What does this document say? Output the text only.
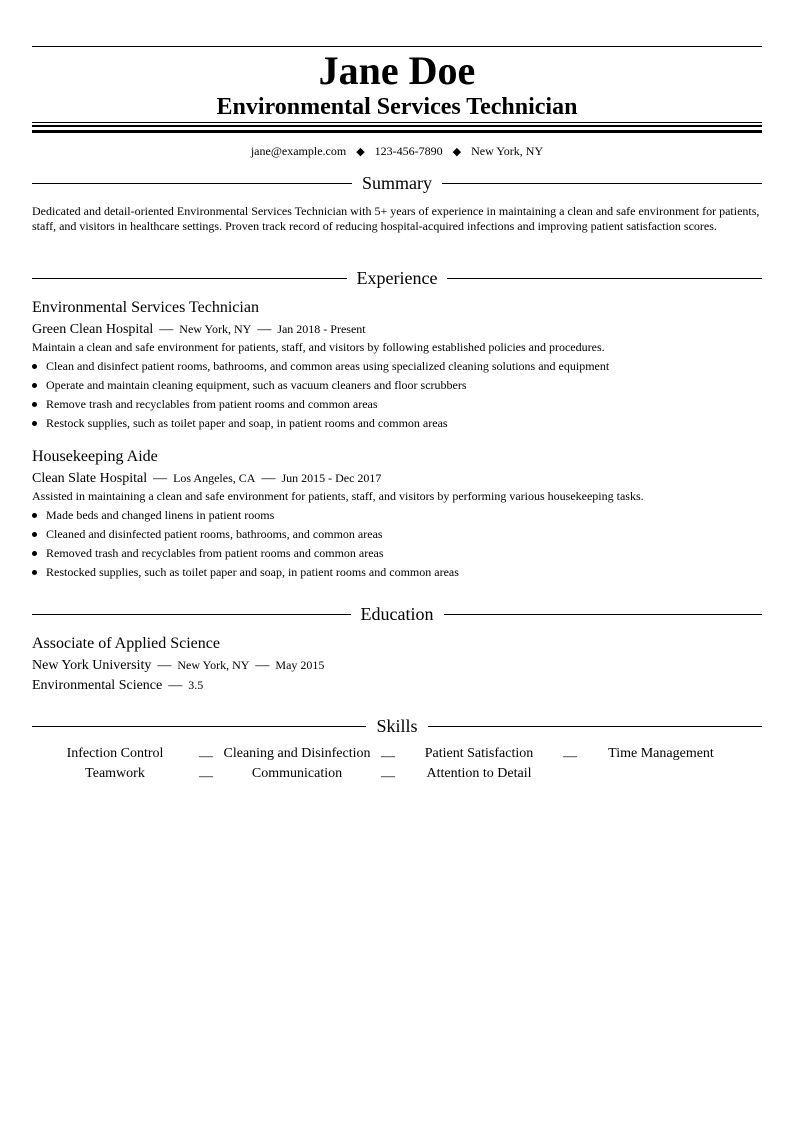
Jane Doe
Environmental Services Technician
jane@example.com ◆ 123-456-7890 ◆ New York, NY
Summary
Dedicated and detail-oriented Environmental Services Technician with 5+ years of experience in maintaining a clean and safe environment for patients, staff, and visitors in healthcare settings. Proven track record of reducing hospital-acquired infections and improving patient satisfaction scores.
Experience
Environmental Services Technician
Green Clean Hospital — New York, NY — Jan 2018 - Present
Maintain a clean and safe environment for patients, staff, and visitors by following established policies and procedures.
Clean and disinfect patient rooms, bathrooms, and common areas using specialized cleaning solutions and equipment
Operate and maintain cleaning equipment, such as vacuum cleaners and floor scrubbers
Remove trash and recyclables from patient rooms and common areas
Restock supplies, such as toilet paper and soap, in patient rooms and common areas
Housekeeping Aide
Clean Slate Hospital — Los Angeles, CA — Jun 2015 - Dec 2017
Assisted in maintaining a clean and safe environment for patients, staff, and visitors by performing various housekeeping tasks.
Made beds and changed linens in patient rooms
Cleaned and disinfected patient rooms, bathrooms, and common areas
Removed trash and recyclables from patient rooms and common areas
Restocked supplies, such as toilet paper and soap, in patient rooms and common areas
Education
Associate of Applied Science
New York University — New York, NY — May 2015
Environmental Science — 3.5
Skills
Infection Control	— Cleaning and Disinfection —	Patient Satisfaction	—	Time Management
Teamwork	—	Communication	—	Attention to Detail
